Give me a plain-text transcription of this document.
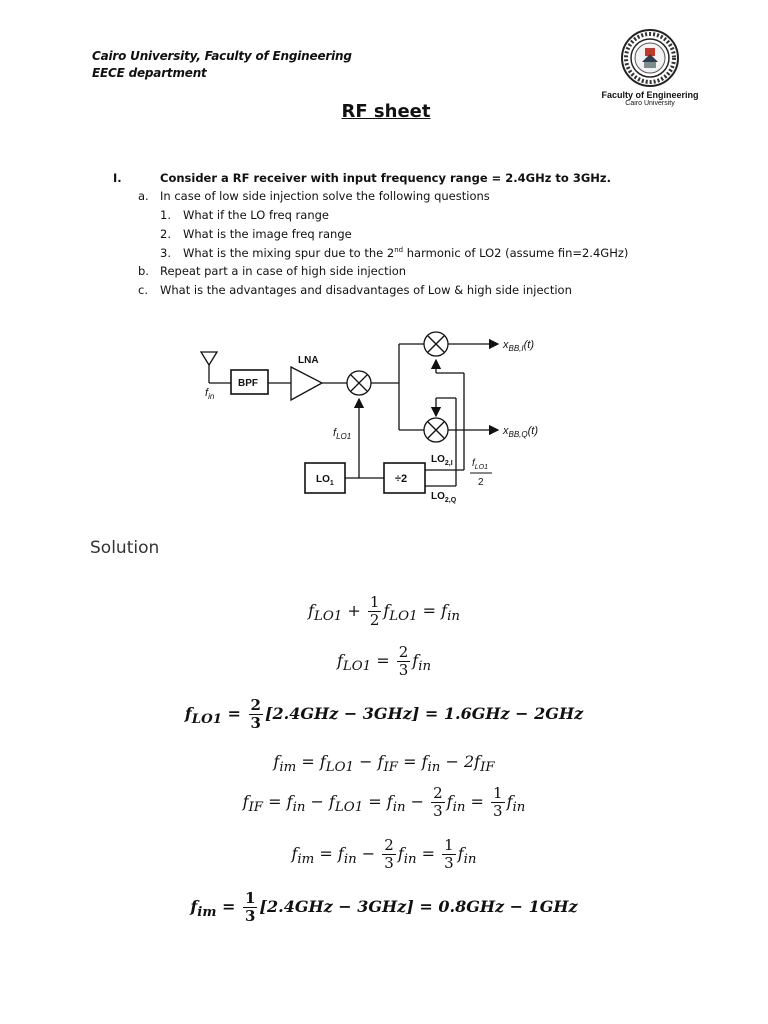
Cairo University, Faculty of Engineering
EECE department
Faculty of Engineering
Cairo University
RF sheet
I.	Consider a RF receiver with input frequency range = 2.4GHz to 3GHz.
a. In case of low side injection solve the following questions
1. What if the LO freq range
2. What is the image freq range
3. What is the mixing spur due to the 2nd harmonic of LO2 (assume fin=2.4GHz)
b. Repeat part a in case of high side injection
c. What is the advantages and disadvantages of Low & high side injection
LNA
BPF
$f_{in}$
$f_{LO1}$
$LO_1$	÷2
$LO_{2,I}$
$LO_{2,Q}$
$f_{LO1}$
2
$x_{BB,I}(t)$
$x_{BB,Q}(t)$
Solution
$f_{LO1} + \frac{1}{2} f_{LO1} = f_{in}$
$f_{LO1} = \frac{2}{3} f_{in}$
$f_{LO1} = \frac{2}{3} [2.4GHz - 3GHz] = 1.6GHz - 2GHz$
$f_{im} = f_{LO1} - f_{IF} = f_{in} - 2f_{IF}$
$f_{IF} = f_{in} - f_{LO1} = f_{in} - \frac{2}{3} f_{in} = \frac{1}{3} f_{in}$
$f_{im} = f_{in} - \frac{2}{3} f_{in} = \frac{1}{3} f_{in}$
$f_{im} = \frac{1}{3} [2.4GHz - 3GHz] = 0.8GHz - 1GHz$
